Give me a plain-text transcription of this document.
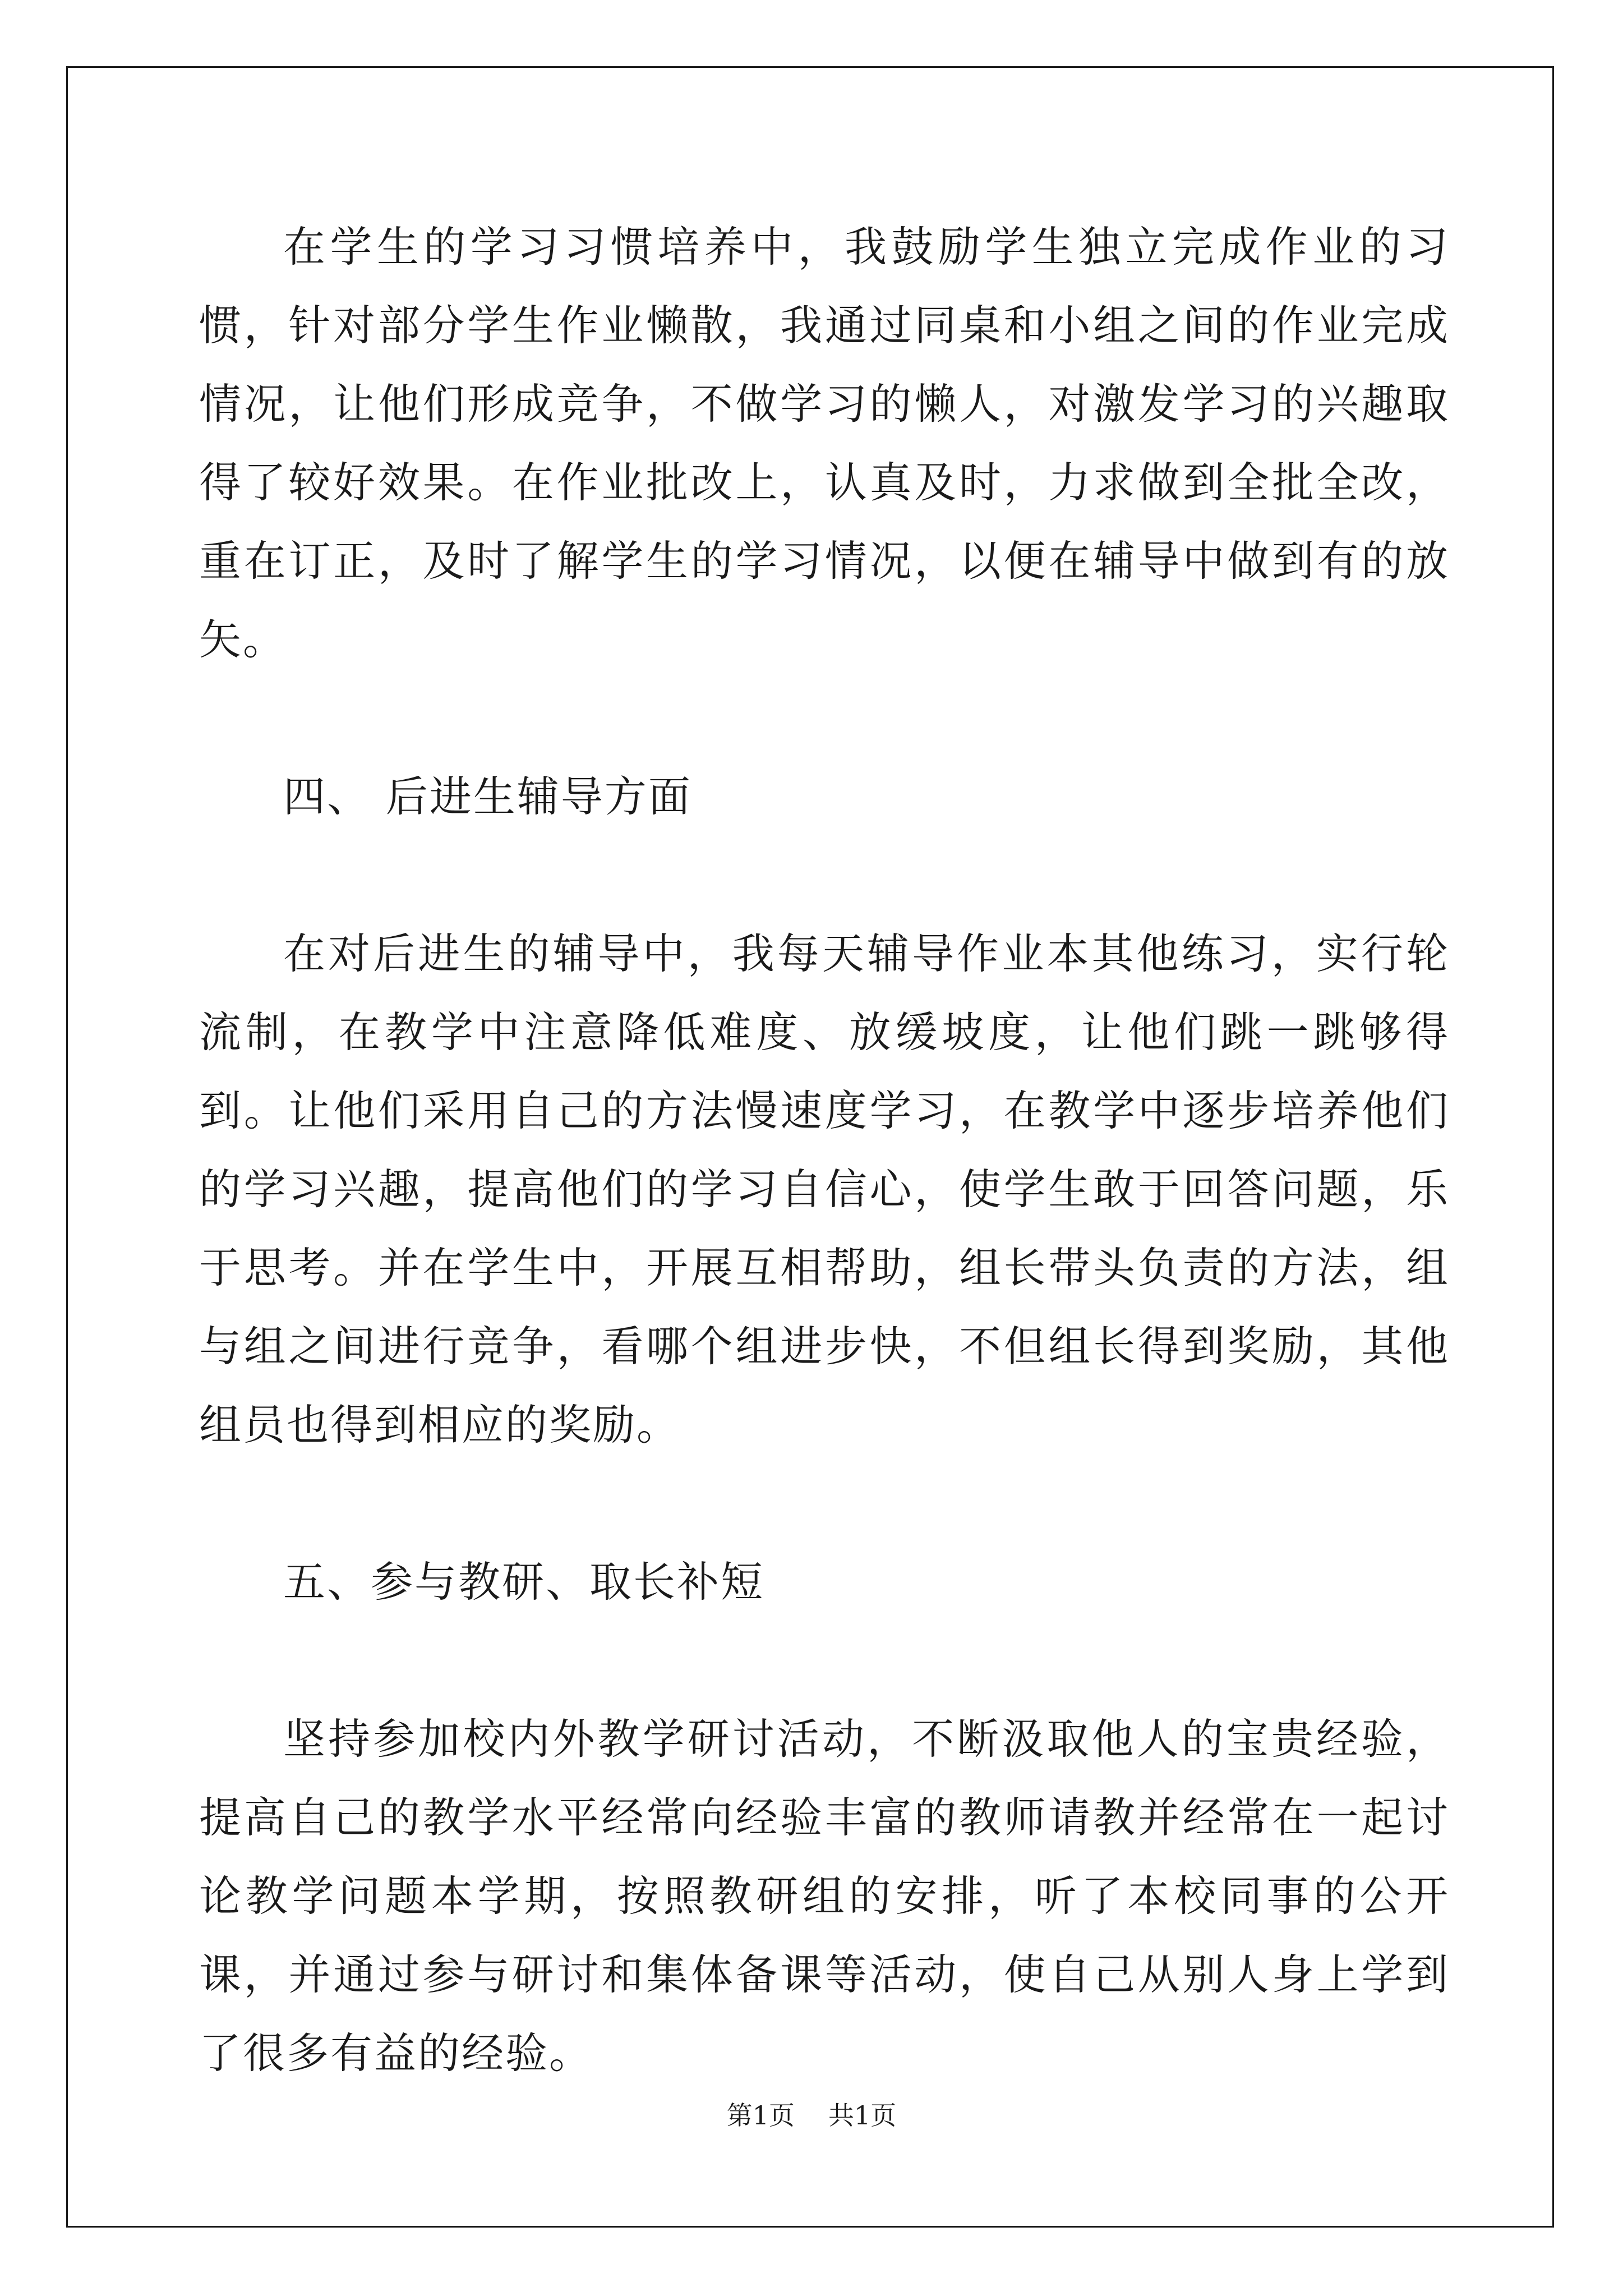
在学生的学习习惯培养中，我鼓励学生独立完成作业的习惯，针对部分学生作业懒散，我通过同桌和小组之间的作业完成情况，让他们形成竞争，不做学习的懒人，对激发学习的兴趣取得了较好效果。在作业批改上，认真及时，力求做到全批全改，重在订正，及时了解学生的学习情况，以便在辅导中做到有的放矢。

四、 后进生辅导方面

在对后进生的辅导中，我每天辅导作业本其他练习，实行轮流制，在教学中注意降低难度、放缓坡度，让他们跳一跳够得到。让他们采用自己的方法慢速度学习，在教学中逐步培养他们的学习兴趣，提高他们的学习自信心，使学生敢于回答问题，乐于思考。并在学生中，开展互相帮助，组长带头负责的方法，组与组之间进行竞争，看哪个组进步快，不但组长得到奖励，其他组员也得到相应的奖励。

五、参与教研、取长补短

坚持参加校内外教学研讨活动，不断汲取他人的宝贵经验，提高自己的教学水平经常向经验丰富的教师请教并经常在一起讨论教学问题本学期，按照教研组的安排，听了本校同事的公开课，并通过参与研讨和集体备课等活动，使自己从别人身上学到了很多有益的经验。

第1页 共1页
